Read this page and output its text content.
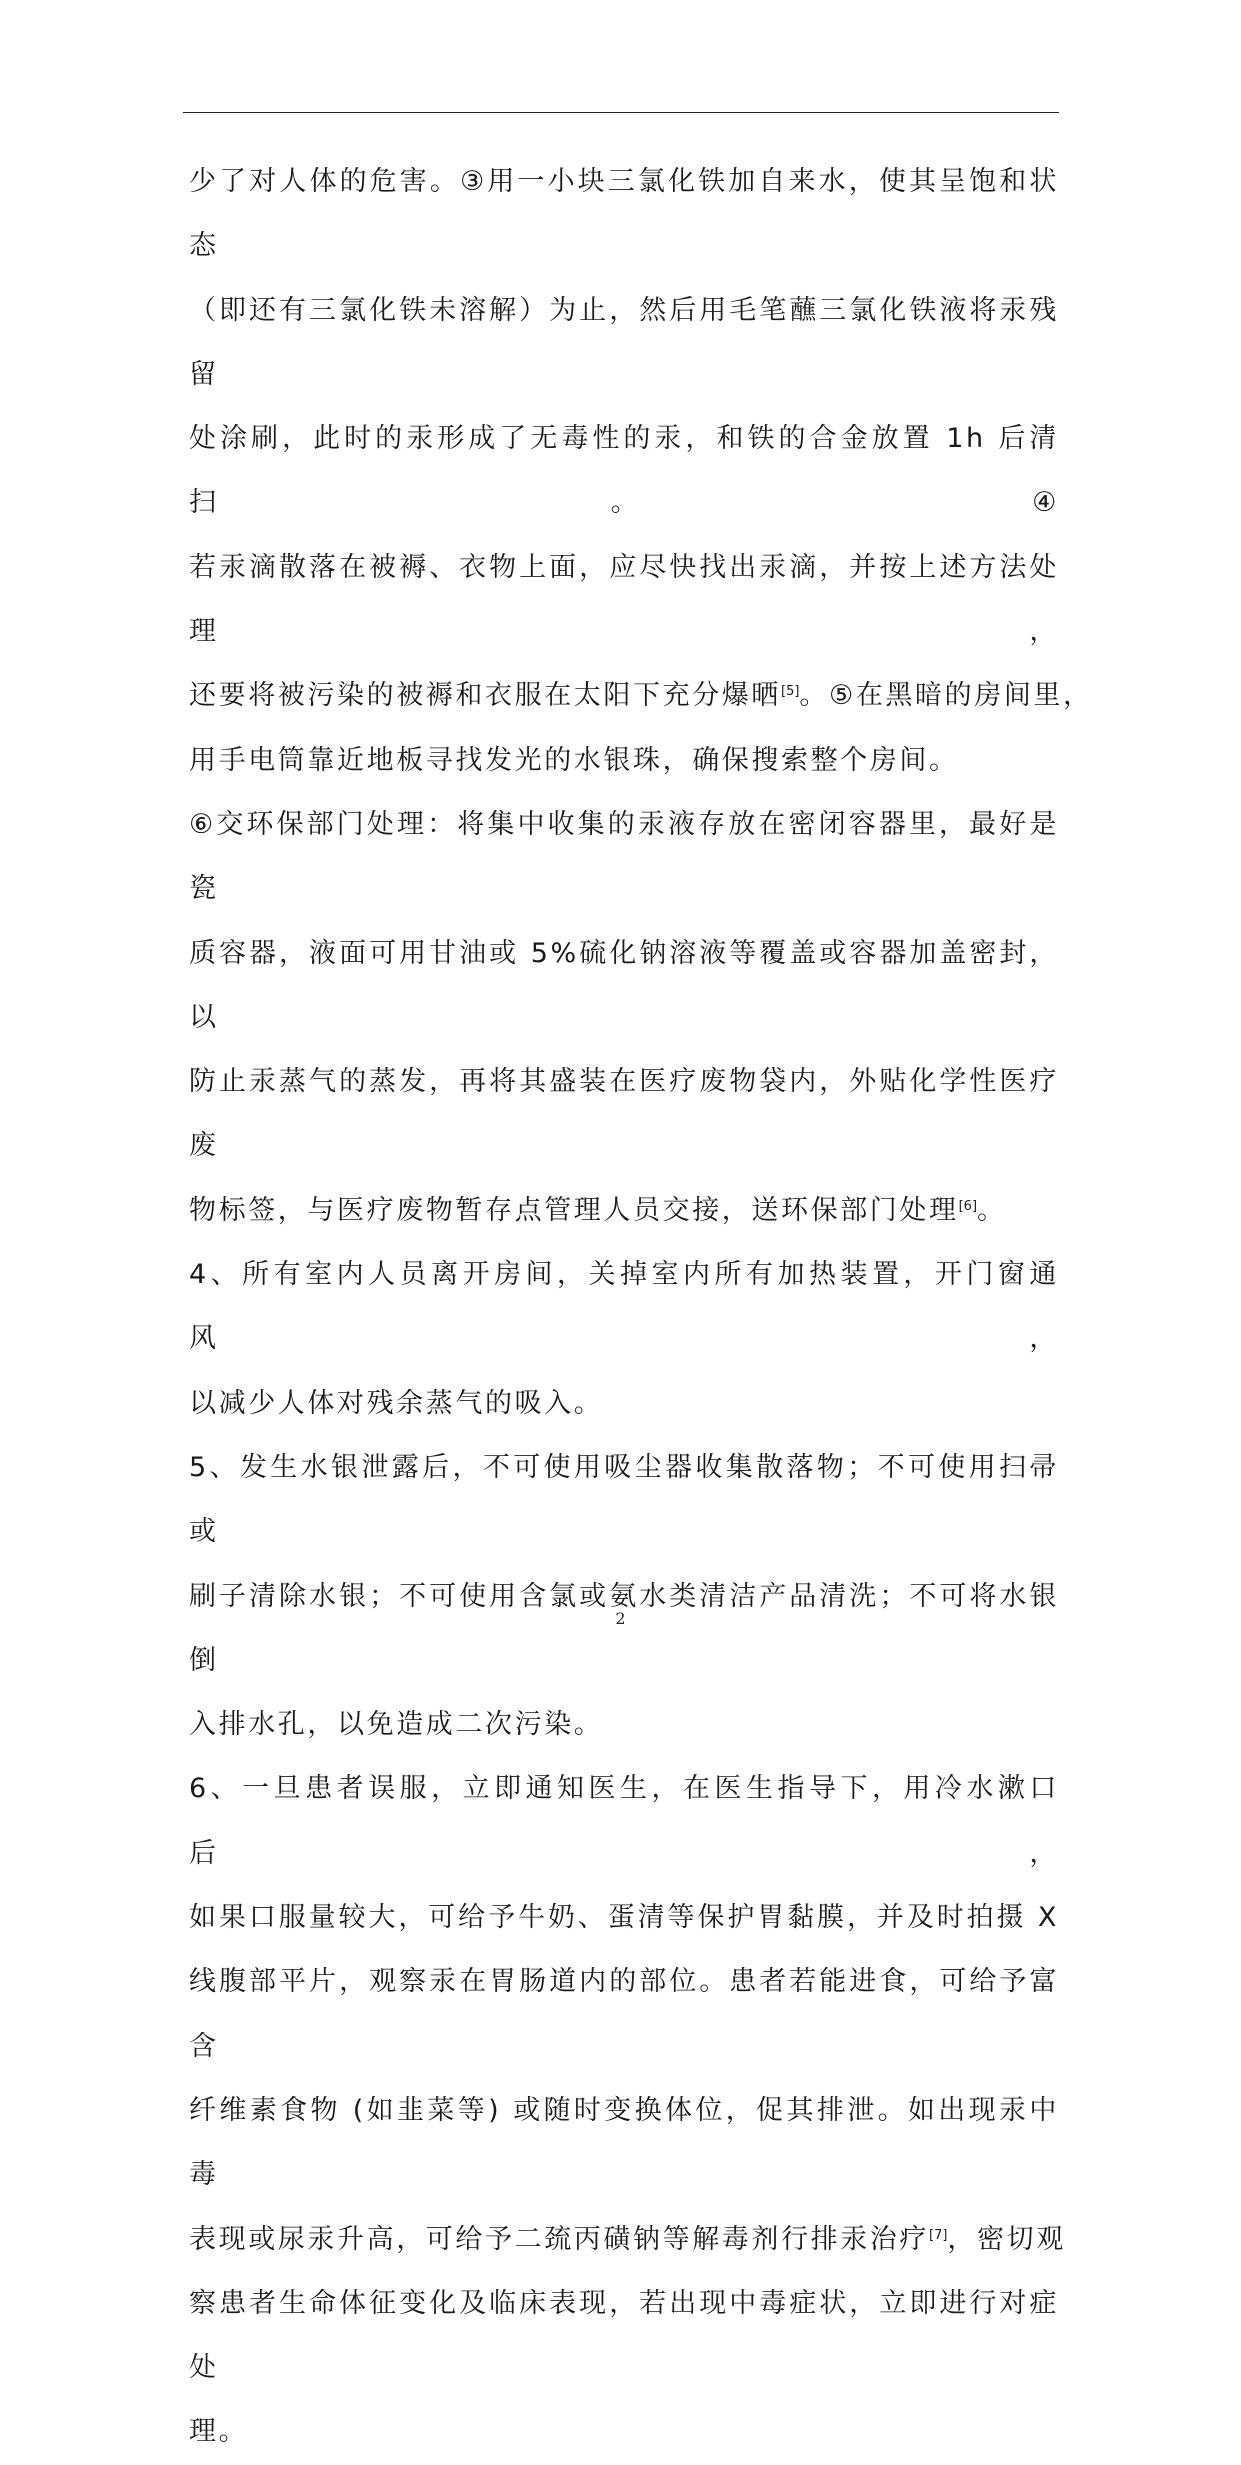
少了对人体的危害。③用一小块三氯化铁加自来水，使其呈饱和状态
（即还有三氯化铁未溶解）为止，然后用毛笔蘸三氯化铁液将汞残留
处涂刷，此时的汞形成了无毒性的汞，和铁的合金放置 1h 后清扫。④
若汞滴散落在被褥、衣物上面，应尽快找出汞滴，并按上述方法处理，
还要将被污染的被褥和衣服在太阳下充分爆晒[5]。⑤在黑暗的房间里，
用手电筒靠近地板寻找发光的水银珠，确保搜索整个房间。

⑥交环保部门处理：将集中收集的汞液存放在密闭容器里，最好是瓷
质容器，液面可用甘油或 5%硫化钠溶液等覆盖或容器加盖密封，以
防止汞蒸气的蒸发，再将其盛装在医疗废物袋内，外贴化学性医疗废
物标签，与医疗废物暂存点管理人员交接，送环保部门处理[6]。

4、所有室内人员离开房间，关掉室内所有加热装置，开门窗通风，
以减少人体对残余蒸气的吸入。

5、发生水银泄露后，不可使用吸尘器收集散落物；不可使用扫帚或
刷子清除水银；不可使用含氯或氨水类清洁产品清洗；不可将水银倒
入排水孔，以免造成二次污染。

6、一旦患者误服，立即通知医生，在医生指导下，用冷水漱口后，
如果口服量较大，可给予牛奶、蛋清等保护胃黏膜，并及时拍摄 X
线腹部平片，观察汞在胃肠道内的部位。患者若能进食，可给予富含
纤维素食物 (如韭菜等) 或随时变换体位，促其排泄。如出现汞中毒
表现或尿汞升高，可给予二巯丙磺钠等解毒剂行排汞治疗[7]，密切观
察患者生命体征变化及临床表现，若出现中毒症状，立即进行对症处
理。

2
